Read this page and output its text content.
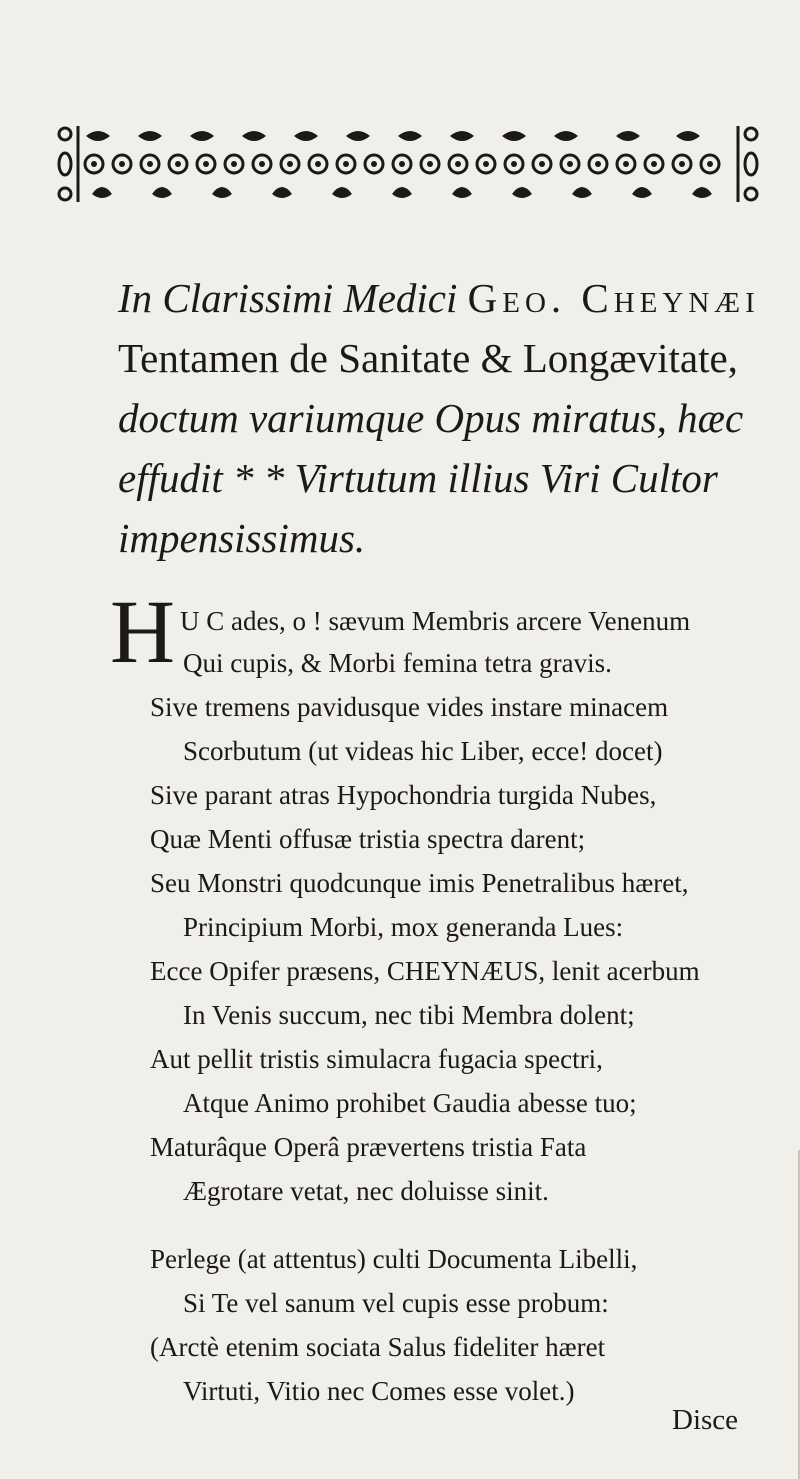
In Clarissimi Medici Geo. Cheynæi
Tentamen de Sanitate & Longævitate,
doctum variumque Opus miratus, hæc
effudit * * Virtutum illius Viri Cultor
impensissimus.
H U C ades, o ! sævum Membris arcere Venenum
Qui cupis, & Morbi femina tetra gravis.
Sive tremens pavidusque vides instare minacem
Scorbutum (ut videas hic Liber, ecce! docet)
Sive parant atras Hypochondria turgida Nubes,
Quæ Menti offusæ tristia spectra darent;
Seu Monstri quodcunque imis Penetralibus hæret,
Principium Morbi, mox generanda Lues:
Ecce Opifer præsens, CHEYNÆUS, lenit acerbum
In Venis succum, nec tibi Membra dolent;
Aut pellit tristis simulacra fugacia spectri,
Atque Animo prohibet Gaudia abesse tuo;
Maturâque Operâ prævertens tristia Fata
Ægrotare vetat, nec doluisse sinit.
Perlege (at attentus) culti Documenta Libelli,
Si Te vel sanum vel cupis esse probum:
(Arctè etenim sociata Salus fideliter hæret
Virtuti, Vitio nec Comes esse volet.)
Disce
